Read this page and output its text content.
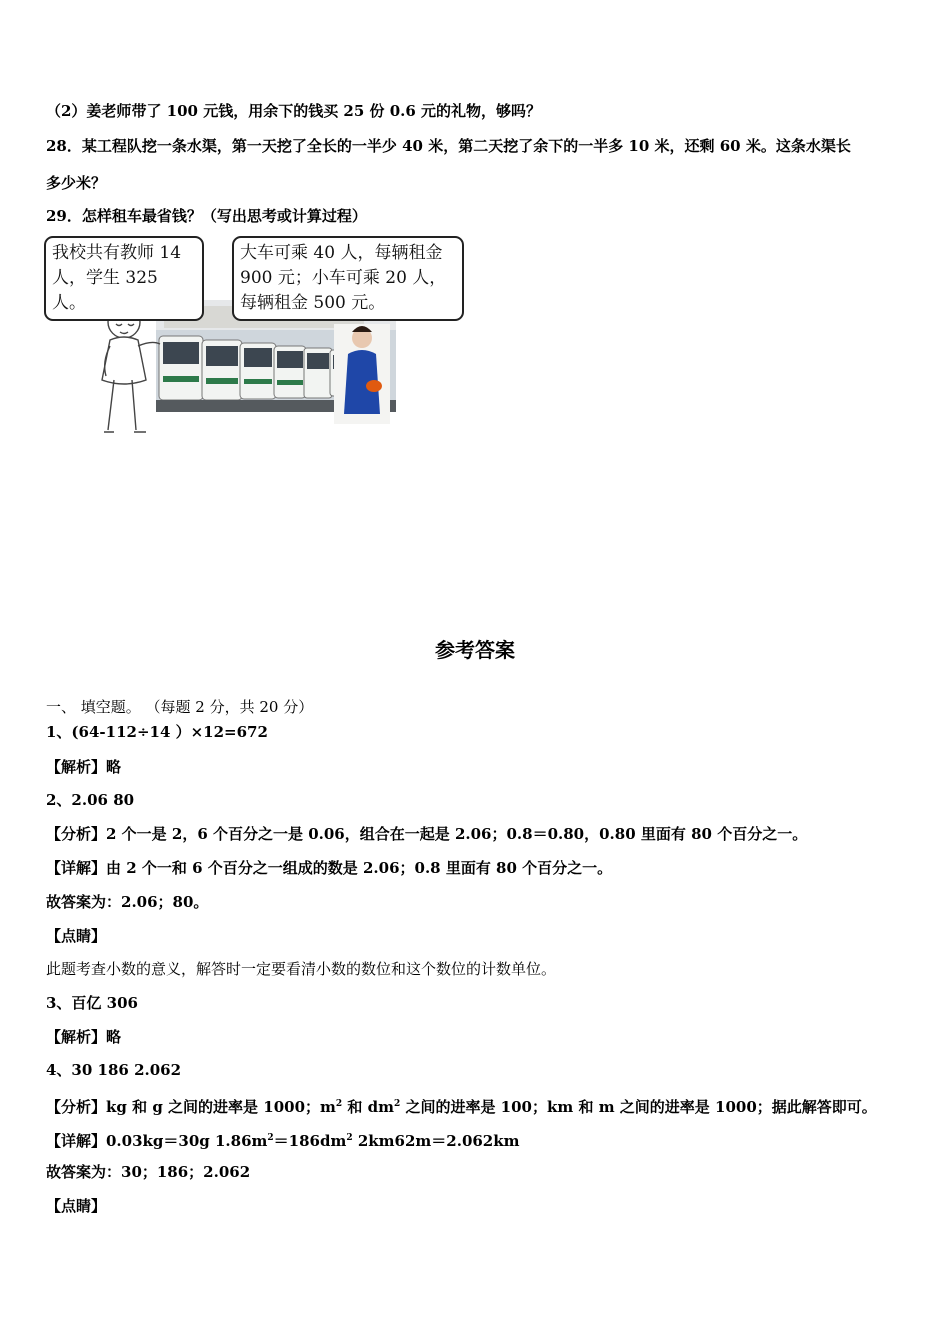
（2）姜老师带了 100 元钱，用余下的钱买 25 份 0.6 元的礼物，够吗？
28．某工程队挖一条水渠，第一天挖了全长的一半少 40 米，第二天挖了余下的一半多 10 米，还剩 60 米。这条水渠长
多少米？
29．怎样租车最省钱？（写出思考或计算过程）
我校共有教师 14
人，学生 325 人。
大车可乘 40 人，每辆租金
900 元；小车可乘 20 人，
每辆租金 500 元。
参考答案
一、 填空题。 （每题 2 分，共 20 分）
1、(64-112÷14 ）×12=672
【解析】略
2、2.06 80
【分析】2 个一是 2，6 个百分之一是 0.06，组合在一起是 2.06；0.8＝0.80，0.80 里面有 80 个百分之一。
【详解】由 2 个一和 6 个百分之一组成的数是 2.06；0.8 里面有 80 个百分之一。
故答案为：2.06；80。
【点睛】
此题考查小数的意义，解答时一定要看清小数的数位和这个数位的计数单位。
3、百亿 306
【解析】略
4、30 186 2.062
【分析】kg 和 g 之间的进率是 1000；$m^2$ 和 $dm^2$ 之间的进率是 100；km 和 m 之间的进率是 1000；据此解答即可。
【详解】0.03kg＝30g $1.86m^2=186dm^2$ 2km62m＝2.062km
故答案为：30；186；2.062
【点睛】
